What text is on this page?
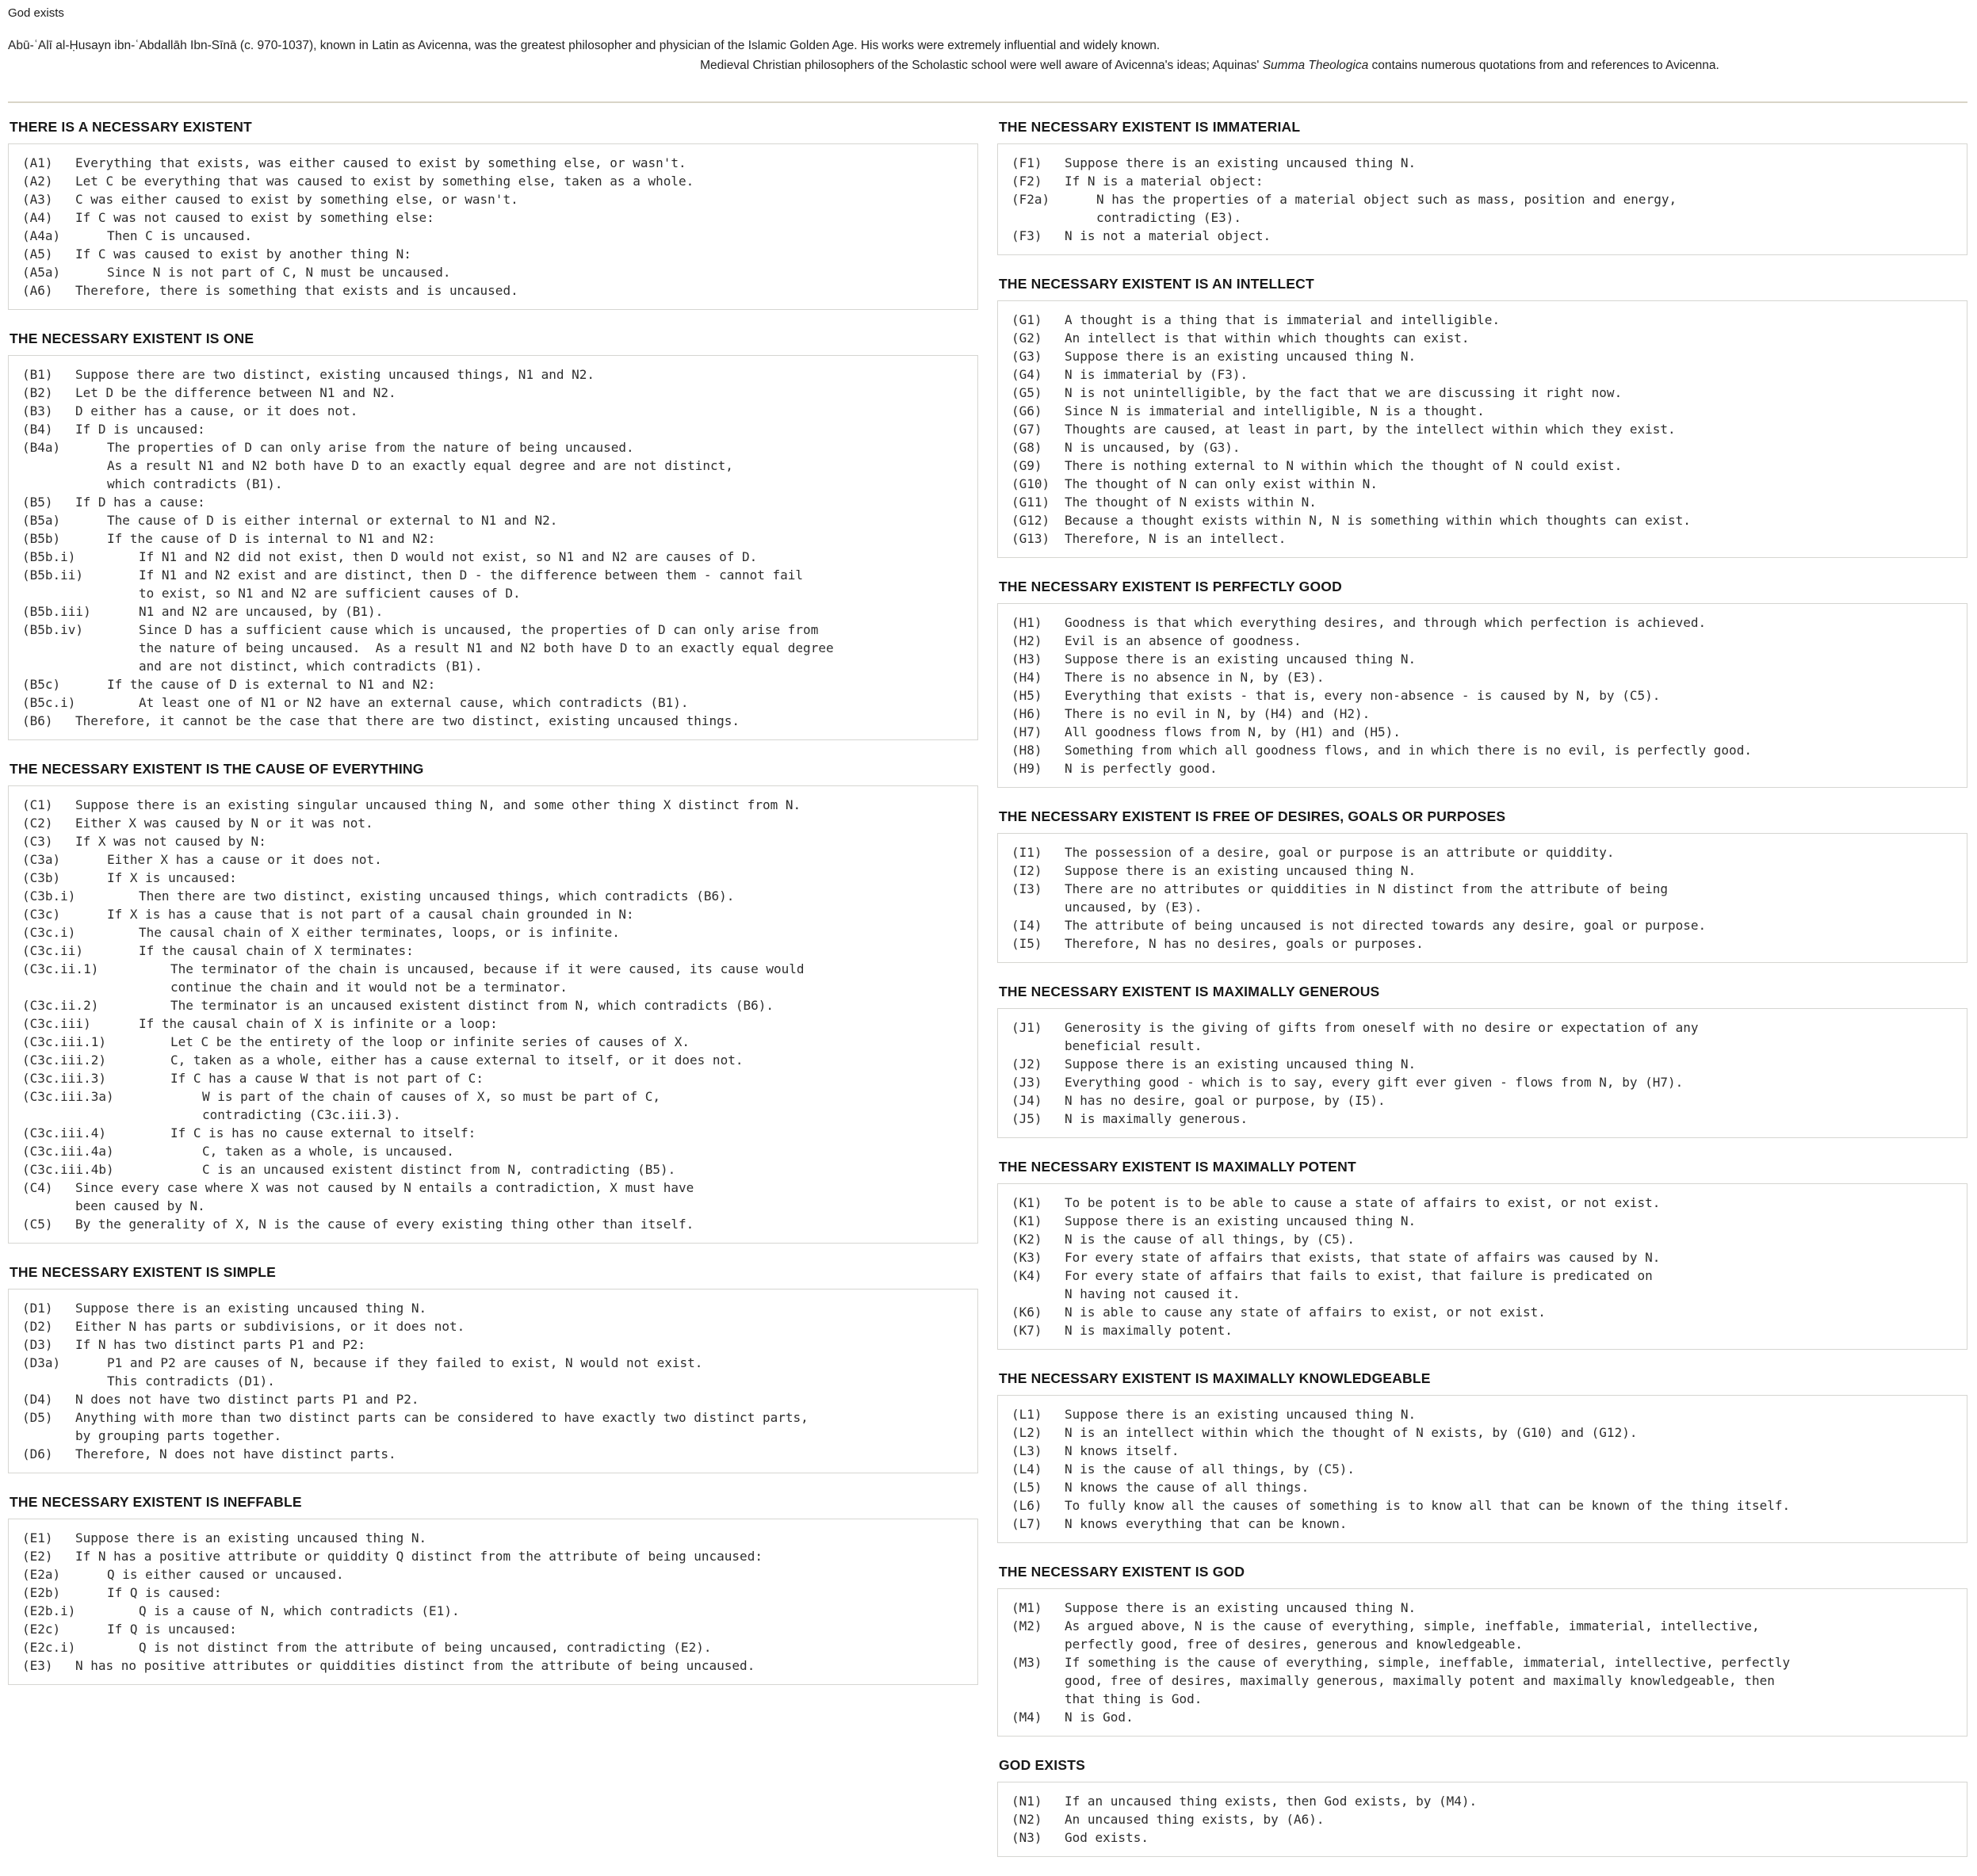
God exists
Abū-ʿAlī al-Ḥusayn ibn-ʿAbdallāh Ibn-Sīnā (c. 970-1037), known in Latin as Avicenna, was the greatest philosopher and physician of the Islamic Golden Age. His works were extremely influential and widely known.
Medieval Christian philosophers of the Scholastic school were well aware of Avicenna's ideas; Aquinas' Summa Theologica contains numerous quotations from and references to Avicenna.
THERE IS A NECESSARY EXISTENT
(A1) Everything that exists, was either caused to exist by something else, or wasn't.
(A2) Let C be everything that was caused to exist by something else, taken as a whole.
(A3) C was either caused to exist by something else, or wasn't.
(A4) If C was not caused to exist by something else:
(A4a)	Then C is uncaused.
(A5) If C was caused to exist by another thing N:
(A5a)	Since N is not part of C, N must be uncaused.
(A6) Therefore, there is something that exists and is uncaused.
THE NECESSARY EXISTENT IS ONE
(B1) Suppose there are two distinct, existing uncaused things, N1 and N2.
(B2) Let D be the difference between N1 and N2.
(B3) D either has a cause, or it does not.
(B4) If D is uncaused:
(B4a)	The properties of D can only arise from the nature of being uncaused.
As a result N1 and N2 both have D to an exactly equal degree and are not distinct,
which contradicts (B1).
(B5) If D has a cause:
(B5a)	The cause of D is either internal or external to N1 and N2.
(B5b)	If the cause of D is internal to N1 and N2:
(B5b.i)	If N1 and N2 did not exist, then D would not exist, so N1 and N2 are causes of D.
(B5b.ii)	If N1 and N2 exist and are distinct, then D - the difference between them - cannot fail
to exist, so N1 and N2 are sufficient causes of D.
(B5b.iii)	N1 and N2 are uncaused, by (B1).
(B5b.iv)	Since D has a sufficient cause which is uncaused, the properties of D can only arise from
the nature of being uncaused.  As a result N1 and N2 both have D to an exactly equal degree
and are not distinct, which contradicts (B1).
(B5c)	If the cause of D is external to N1 and N2:
(B5c.i)	At least one of N1 or N2 have an external cause, which contradicts (B1).
(B6) Therefore, it cannot be the case that there are two distinct, existing uncaused things.
THE NECESSARY EXISTENT IS THE CAUSE OF EVERYTHING
(C1) Suppose there is an existing singular uncaused thing N, and some other thing X distinct from N.
(C2) Either X was caused by N or it was not.
(C3) If X was not caused by N:
(C3a)	Either X has a cause or it does not.
(C3b)	If X is uncaused:
(C3b.i)	Then there are two distinct, existing uncaused things, which contradicts (B6).
(C3c)	If X is has a cause that is not part of a causal chain grounded in N:
(C3c.i)	The causal chain of X either terminates, loops, or is infinite.
(C3c.ii)	If the causal chain of X terminates:
(C3c.ii.1)	The terminator of the chain is uncaused, because if it were caused, its cause would
continue the chain and it would not be a terminator.
(C3c.ii.2)	The terminator is an uncaused existent distinct from N, which contradicts (B6).
(C3c.iii)	If the causal chain of X is infinite or a loop:
(C3c.iii.1)	Let C be the entirety of the loop or infinite series of causes of X.
(C3c.iii.2)	C, taken as a whole, either has a cause external to itself, or it does not.
(C3c.iii.3)	If C has a cause W that is not part of C:
(C3c.iii.3a)	W is part of the chain of causes of X, so must be part of C,
contradicting (C3c.iii.3).
(C3c.iii.4)	If C is has no cause external to itself:
(C3c.iii.4a)	C, taken as a whole, is uncaused.
(C3c.iii.4b)	C is an uncaused existent distinct from N, contradicting (B5).
(C4) Since every case where X was not caused by N entails a contradiction, X must have
been caused by N.
(C5) By the generality of X, N is the cause of every existing thing other than itself.
THE NECESSARY EXISTENT IS SIMPLE
(D1) Suppose there is an existing uncaused thing N.
(D2) Either N has parts or subdivisions, or it does not.
(D3) If N has two distinct parts P1 and P2:
(D3a)	P1 and P2 are causes of N, because if they failed to exist, N would not exist.
This contradicts (D1).
(D4) N does not have two distinct parts P1 and P2.
(D5) Anything with more than two distinct parts can be considered to have exactly two distinct parts,
by grouping parts together.
(D6) Therefore, N does not have distinct parts.
THE NECESSARY EXISTENT IS INEFFABLE
(E1) Suppose there is an existing uncaused thing N.
(E2) If N has a positive attribute or quiddity Q distinct from the attribute of being uncaused:
(E2a)	Q is either caused or uncaused.
(E2b)	If Q is caused:
(E2b.i)	Q is a cause of N, which contradicts (E1).
(E2c)	If Q is uncaused:
(E2c.i)	Q is not distinct from the attribute of being uncaused, contradicting (E2).
(E3) N has no positive attributes or quiddities distinct from the attribute of being uncaused.
THE NECESSARY EXISTENT IS IMMATERIAL
(F1) Suppose there is an existing uncaused thing N.
(F2) If N is a material object:
(F2a)	N has the properties of a material object such as mass, position and energy,
contradicting (E3).
(F3) N is not a material object.
THE NECESSARY EXISTENT IS AN INTELLECT
(G1) A thought is a thing that is immaterial and intelligible.
(G2) An intellect is that within which thoughts can exist.
(G3) Suppose there is an existing uncaused thing N.
(G4) N is immaterial by (F3).
(G5) N is not unintelligible, by the fact that we are discussing it right now.
(G6) Since N is immaterial and intelligible, N is a thought.
(G7) Thoughts are caused, at least in part, by the intellect within which they exist.
(G8) N is uncaused, by (G3).
(G9) There is nothing external to N within which the thought of N could exist.
(G10) The thought of N can only exist within N.
(G11) The thought of N exists within N.
(G12) Because a thought exists within N, N is something within which thoughts can exist.
(G13) Therefore, N is an intellect.
THE NECESSARY EXISTENT IS PERFECTLY GOOD
(H1) Goodness is that which everything desires, and through which perfection is achieved.
(H2) Evil is an absence of goodness.
(H3) Suppose there is an existing uncaused thing N.
(H4) There is no absence in N, by (E3).
(H5) Everything that exists - that is, every non-absence - is caused by N, by (C5).
(H6) There is no evil in N, by (H4) and (H2).
(H7) All goodness flows from N, by (H1) and (H5).
(H8) Something from which all goodness flows, and in which there is no evil, is perfectly good.
(H9) N is perfectly good.
THE NECESSARY EXISTENT IS FREE OF DESIRES, GOALS OR PURPOSES
(I1) The possession of a desire, goal or purpose is an attribute or quiddity.
(I2) Suppose there is an existing uncaused thing N.
(I3) There are no attributes or quiddities in N distinct from the attribute of being
uncaused, by (E3).
(I4) The attribute of being uncaused is not directed towards any desire, goal or purpose.
(I5) Therefore, N has no desires, goals or purposes.
THE NECESSARY EXISTENT IS MAXIMALLY GENEROUS
(J1) Generosity is the giving of gifts from oneself with no desire or expectation of any
beneficial result.
(J2) Suppose there is an existing uncaused thing N.
(J3) Everything good - which is to say, every gift ever given - flows from N, by (H7).
(J4) N has no desire, goal or purpose, by (I5).
(J5) N is maximally generous.
THE NECESSARY EXISTENT IS MAXIMALLY POTENT
(K1) To be potent is to be able to cause a state of affairs to exist, or not exist.
(K1) Suppose there is an existing uncaused thing N.
(K2) N is the cause of all things, by (C5).
(K3) For every state of affairs that exists, that state of affairs was caused by N.
(K4) For every state of affairs that fails to exist, that failure is predicated on
N having not caused it.
(K6) N is able to cause any state of affairs to exist, or not exist.
(K7) N is maximally potent.
THE NECESSARY EXISTENT IS MAXIMALLY KNOWLEDGEABLE
(L1) Suppose there is an existing uncaused thing N.
(L2) N is an intellect within which the thought of N exists, by (G10) and (G12).
(L3) N knows itself.
(L4) N is the cause of all things, by (C5).
(L5) N knows the cause of all things.
(L6) To fully know all the causes of something is to know all that can be known of the thing itself.
(L7) N knows everything that can be known.
THE NECESSARY EXISTENT IS GOD
(M1) Suppose there is an existing uncaused thing N.
(M2) As argued above, N is the cause of everything, simple, ineffable, immaterial, intellective,
perfectly good, free of desires, generous and knowledgeable.
(M3) If something is the cause of everything, simple, ineffable, immaterial, intellective, perfectly
good, free of desires, maximally generous, maximally potent and maximally knowledgeable, then
that thing is God.
(M4) N is God.
GOD EXISTS
(N1) If an uncaused thing exists, then God exists, by (M4).
(N2) An uncaused thing exists, by (A6).
(N3) God exists.
